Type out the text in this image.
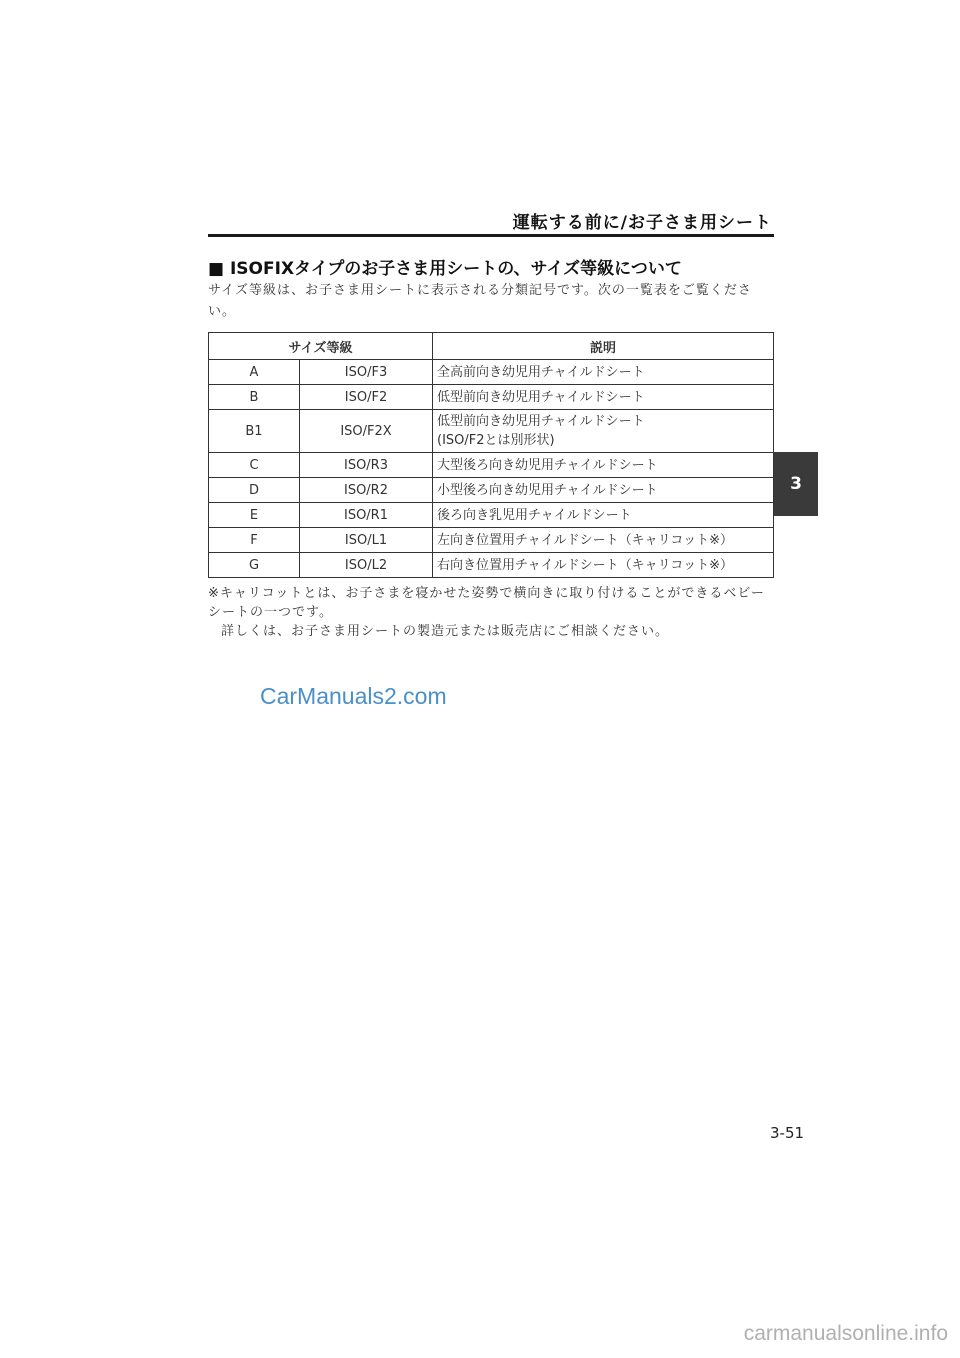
運転する前に/お子さま用シート
3
■ ISOFIXタイプのお子さま用シートの、サイズ等級について
サイズ等級は、お子さま用シートに表示される分類記号です。次の一覧表をご覧ください。
サイズ等級		説明
A	ISO/F3	全高前向き幼児用チャイルドシート

B	ISO/F2	低型前向き幼児用チャイルドシート

B1	ISO/F2X	低型前向き幼児用チャイルドシート
(ISO/F2とは別形状)

C	ISO/R3	大型後ろ向き幼児用チャイルドシート

D	ISO/R2	小型後ろ向き幼児用チャイルドシート

E	ISO/R1	後ろ向き乳児用チャイルドシート

F	ISO/L1	左向き位置用チャイルドシート（キャリコット※）

G	ISO/L2	右向き位置用チャイルドシート（キャリコット※）

※キャリコットとは、お子さまを寝かせた姿勢で横向きに取り付けることができるベビーシートの一つです。

詳しくは、お子さま用シートの製造元または販売店にご相談ください。

CarManuals2.com
3-51
carmanualsonline.info
